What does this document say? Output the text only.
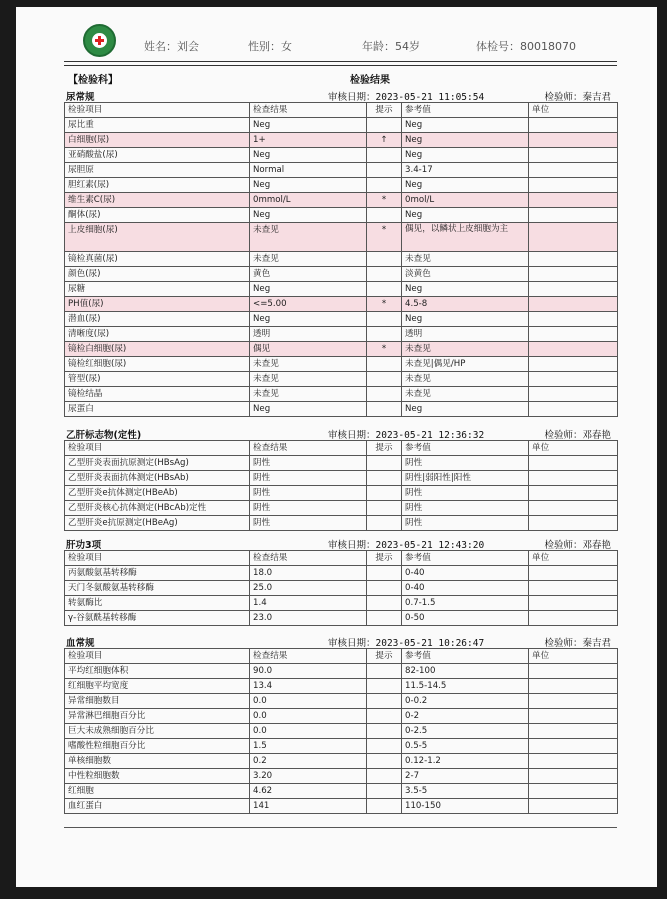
姓名：刘会	性别：女	年龄：54岁	体检号：80018070
【检验科】	检验结果
尿常规	审核日期：2023-05-21 11:05:54	检验师：秦吉君
检验项目	检查结果	提示	参考值	单位
尿比重	Neg		Neg	
白细胞(尿)	1+	↑	Neg	
亚硝酸盐(尿)	Neg		Neg	
尿胆原	Normal		3.4-17	
胆红素(尿)	Neg		Neg	
维生素C(尿)	0mmol/L	*	0mol/L	
酮体(尿)	Neg		Neg	
上皮细胞(尿)	未查见	*	偶见，以鳞状上皮细胞为主	
镜检真菌(尿)	未查见		未查见	
颜色(尿)	黄色		淡黄色	
尿糖	Neg		Neg	
PH值(尿)	<=5.00	*	4.5-8	
潜血(尿)	Neg		Neg	
清晰度(尿)	透明		透明	
镜检白细胞(尿)	偶见	*	未查见	
镜检红细胞(尿)	未查见		未查见|偶见/HP	
管型(尿)	未查见		未查见	
镜检结晶	未查见		未查见	
尿蛋白	Neg		Neg	
乙肝标志物(定性)	审核日期：2023-05-21 12:36:32	检验师：邓春艳
检验项目	检查结果	提示	参考值	单位
乙型肝炎表面抗原测定(HBsAg)	阴性		阴性	
乙型肝炎表面抗体测定(HBsAb)	阴性		阴性|弱阳性|阳性	
乙型肝炎e抗体测定(HBeAb)	阴性		阴性	
乙型肝炎核心抗体测定(HBcAb)定性	阴性		阴性	
乙型肝炎e抗原测定(HBeAg)	阴性		阴性	
肝功3项	审核日期：2023-05-21 12:43:20	检验师：邓春艳
检验项目	检查结果	提示	参考值	单位
丙氨酸氨基转移酶	18.0		0-40	
天门冬氨酸氨基转移酶	25.0		0-40	
转氨酶比	1.4		0.7-1.5	
γ-谷氨酰基转移酶	23.0		0-50	
血常规	审核日期：2023-05-21 10:26:47	检验师：秦吉君
检验项目	检查结果	提示	参考值	单位
平均红细胞体积	90.0		82-100	
红细胞平均宽度	13.4		11.5-14.5	
异常细胞数目	0.0		0-0.2	
异常淋巴细胞百分比	0.0		0-2	
巨大未成熟细胞百分比	0.0		0-2.5	
嗜酸性粒细胞百分比	1.5		0.5-5	
单核细胞数	0.2		0.12-1.2	
中性粒细胞数	3.20		2-7	
红细胞	4.62		3.5-5	
血红蛋白	141		110-150	
